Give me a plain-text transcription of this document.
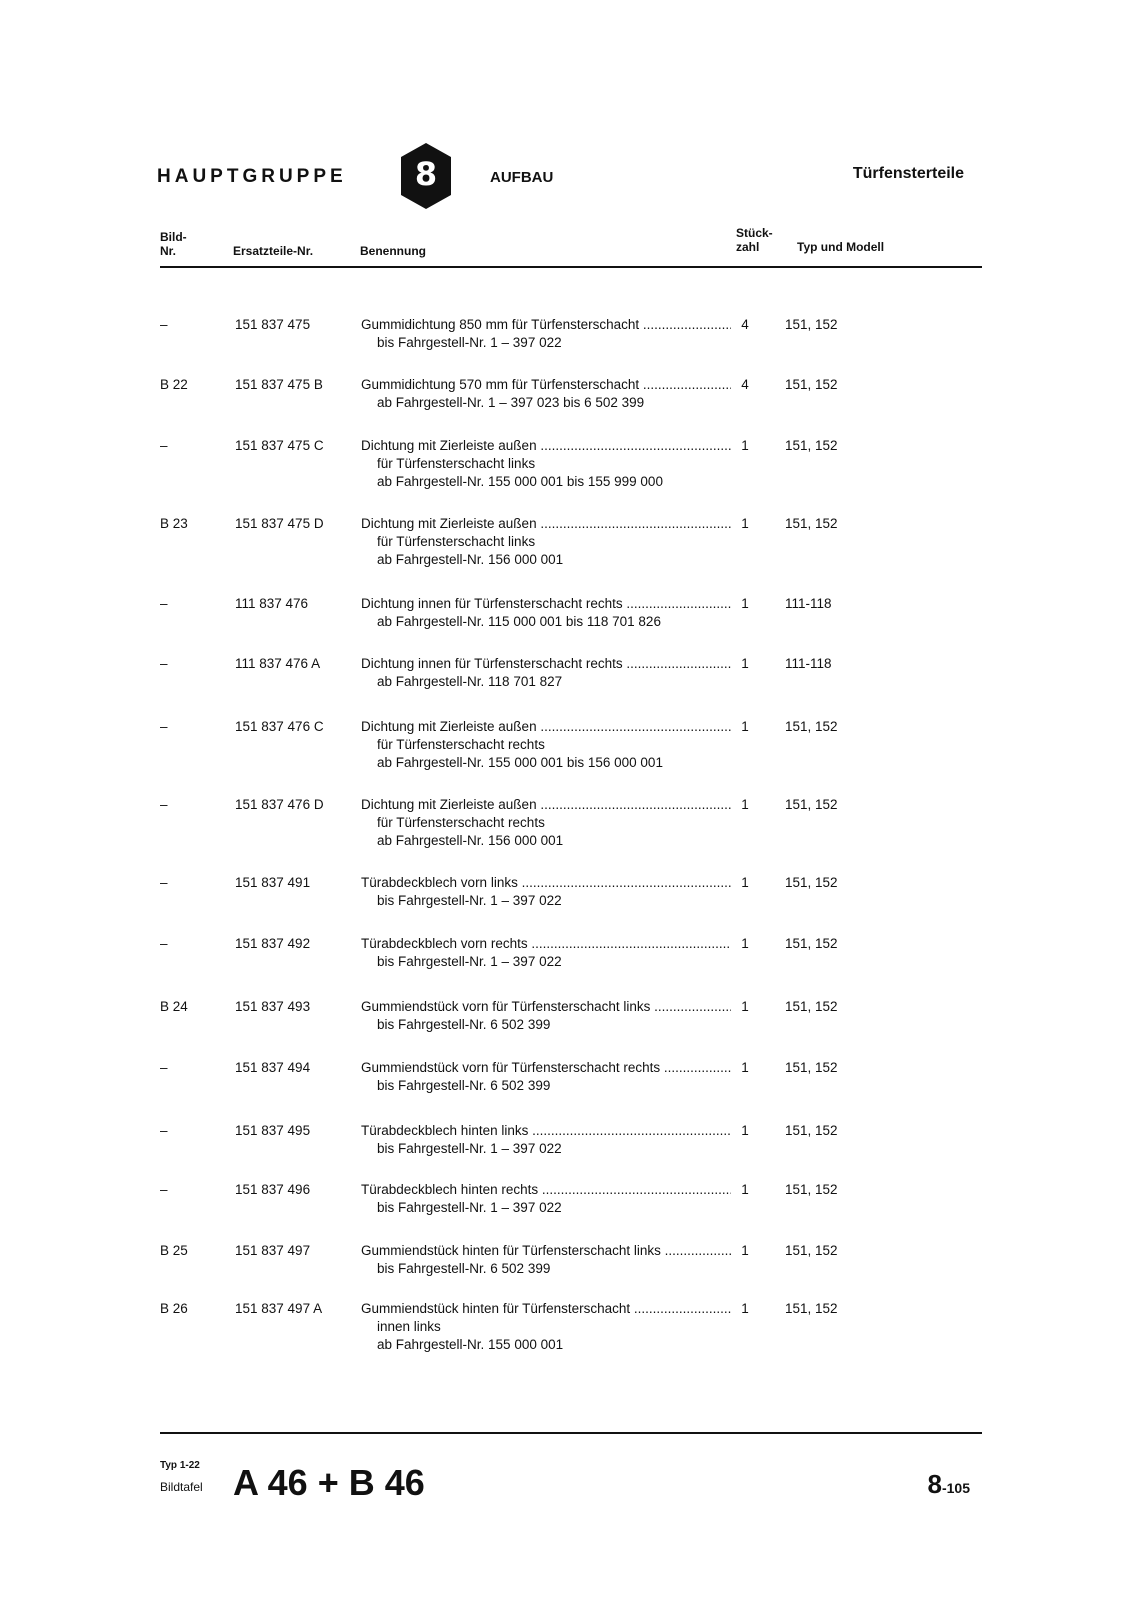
HAUPTGRUPPE	8	AUFBAU	Türfensterteile
Bild-
Nr.	Ersatzteile-Nr.	Benennung
Stück-
zahl	Typ und Modell
–	151 837 475	Gummidichtung 850 mm für Türfensterschacht .....
bis Fahrgestell-Nr. 1 – 397 022
4	151, 152
B 22	151 837 475 B	Gummidichtung 570 mm für Türfensterschacht .....
ab Fahrgestell-Nr. 1 – 397 023 bis 6 502 399
4	151, 152
–	151 837 475 C	Dichtung mit Zierleiste außen .....
für Türfensterschacht links
ab Fahrgestell-Nr. 155 000 001 bis 155 999 000
1	151, 152
B 23	151 837 475 D	Dichtung mit Zierleiste außen .....
für Türfensterschacht links
ab Fahrgestell-Nr. 156 000 001
1	151, 152
–	111 837 476	Dichtung innen für Türfensterschacht rechts .....
ab Fahrgestell-Nr. 115 000 001 bis 118 701 826
1	111-118
–	111 837 476 A	Dichtung innen für Türfensterschacht rechts .....
ab Fahrgestell-Nr. 118 701 827
1	111-118
–	151 837 476 C	Dichtung mit Zierleiste außen .....
für Türfensterschacht rechts
ab Fahrgestell-Nr. 155 000 001 bis 156 000 001
1	151, 152
–	151 837 476 D	Dichtung mit Zierleiste außen .....
für Türfensterschacht rechts
ab Fahrgestell-Nr. 156 000 001
1	151, 152
–	151 837 491	Türabdeckblech vorn links .....
bis Fahrgestell-Nr. 1 – 397 022
1	151, 152
–	151 837 492	Türabdeckblech vorn rechts .....
bis Fahrgestell-Nr. 1 – 397 022
1	151, 152
B 24	151 837 493	Gummiendstück vorn für Türfensterschacht links .....
bis Fahrgestell-Nr. 6 502 399
1	151, 152
–	151 837 494	Gummiendstück vorn für Türfensterschacht rechts .....
bis Fahrgestell-Nr. 6 502 399
1	151, 152
–	151 837 495	Türabdeckblech hinten links .....
bis Fahrgestell-Nr. 1 – 397 022
1	151, 152
–	151 837 496	Türabdeckblech hinten rechts .....
bis Fahrgestell-Nr. 1 – 397 022
1	151, 152
B 25	151 837 497	Gummiendstück hinten für Türfensterschacht links .....
bis Fahrgestell-Nr. 6 502 399
1	151, 152
B 26	151 837 497 A	Gummiendstück hinten für Türfensterschacht .....
innen links
ab Fahrgestell-Nr. 155 000 001
1	151, 152
Typ 1-22
Bildtafel A 46 + B 46	8-105
